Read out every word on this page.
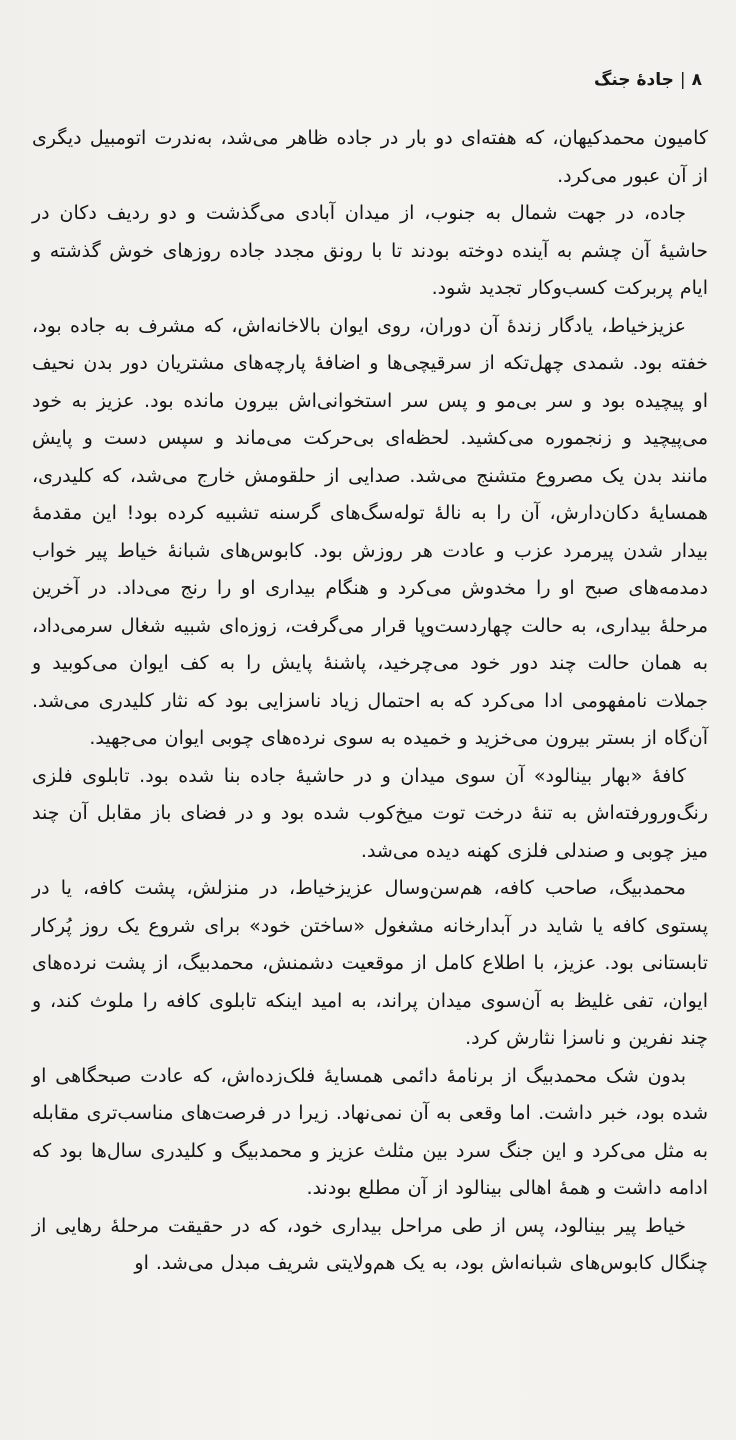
۸|جادهٔ جنگ

کامیون محمدکیهان، که هفته‌ای دو بار در جاده ظاهر می‌شد، به‌ندرت اتومبیل دیگری از آن عبور می‌کرد.

جاده، در جهت شمال به جنوب، از میدان آبادی می‌گذشت و دو ردیف دکان در حاشیهٔ آن چشم به آینده دوخته بودند تا با رونق مجدد جاده روزهای خوش گذشته و ایام پربرکت کسب‌وکار تجدید شود.

عزیزخیاط، یادگار زندهٔ آن دوران، روی ایوان بالاخانه‌اش، که مشرف به جاده بود، خفته بود. شمدی چهل‌تکه از سرقیچی‌ها و اضافهٔ پارچه‌های مشتریان دور بدن نحیف او پیچیده بود و سر بی‌مو و پس سر استخوانی‌اش بیرون مانده بود. عزیز به خود می‌پیچید و زنجموره می‌کشید. لحظه‌ای بی‌حرکت می‌ماند و سپس دست و پایش مانند بدن یک مصروع متشنج می‌شد. صدایی از حلقومش خارج می‌شد، که کلیدری، همسایهٔ دکان‌دارش، آن را به نالهٔ توله‌سگ‌های گرسنه تشبیه کرده بود! این مقدمهٔ بیدار شدن پیرمرد عزب و عادت هر روزش بود. کابوس‌های شبانهٔ خیاط پیر خواب دمدمه‌های صبح او را مخدوش می‌کرد و هنگام بیداری او را رنج می‌داد. در آخرین مرحلهٔ بیداری، به حالت چهاردست‌وپا قرار می‌گرفت، زوزه‌ای شبیه شغال سرمی‌داد، به همان حالت چند دور خود می‌چرخید، پاشنهٔ پایش را به کف ایوان می‌کوبید و جملات نامفهومی ادا می‌کرد که به احتمال زیاد ناسزایی بود که نثار کلیدری می‌شد. آن‌گاه از بستر بیرون می‌خزید و خمیده به سوی نرده‌های چوبی ایوان می‌جهید.

کافهٔ «بهار بینالود» آن سوی میدان و در حاشیهٔ جاده بنا شده بود. تابلوی فلزی رنگ‌ورورفته‌اش به تنهٔ درخت توت میخ‌کوب شده بود و در فضای باز مقابل آن چند میز چوبی و صندلی فلزی کهنه دیده می‌شد.

محمدبیگ، صاحب کافه، هم‌سن‌وسال عزیزخیاط، در منزلش، پشت کافه، یا در پستوی کافه یا شاید در آبدارخانه مشغول «ساختن خود» برای شروع یک روز پُرکار تابستانی بود. عزیز، با اطلاع کامل از موقعیت دشمنش، محمدبیگ، از پشت نرده‌های ایوان، تفی غلیظ به آن‌سوی میدان پراند، به امید اینکه تابلوی کافه را ملوث کند، و چند نفرین و ناسزا نثارش کرد.

بدون شک محمدبیگ از برنامهٔ دائمی همسایهٔ فلک‌زده‌اش، که عادت صبحگاهی او شده بود، خبر داشت. اما وقعی به آن نمی‌نهاد. زیرا در فرصت‌های مناسب‌تری مقابله به مثل می‌کرد و این جنگ سرد بین مثلث عزیز و محمدبیگ و کلیدری سال‌ها بود که ادامه داشت و همهٔ اهالی بینالود از آن مطلع بودند.

خیاط پیر بینالود، پس از طی مراحل بیداری خود، که در حقیقت مرحلهٔ رهایی از چنگال کابوس‌های شبانه‌اش بود، به یک هم‌ولایتی شریف مبدل می‌شد. او
